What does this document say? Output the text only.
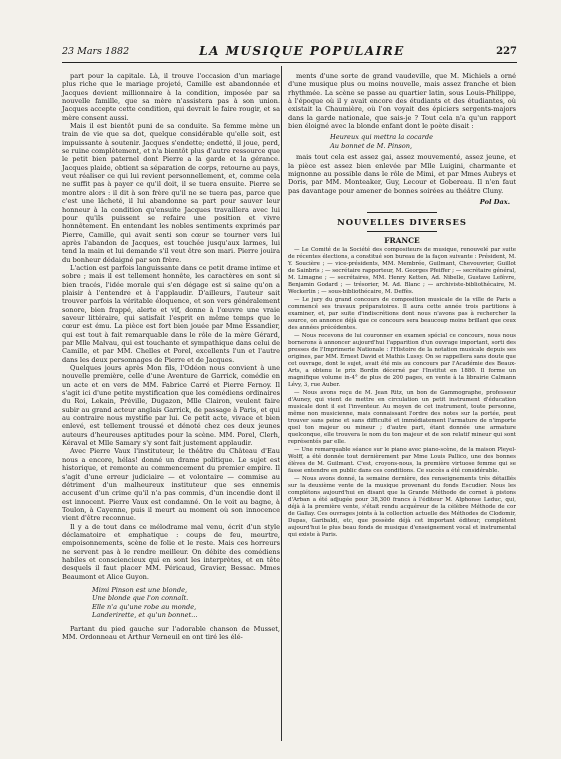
23 Mars 1882	LA MUSIQUE POPULAIRE	227

part pour la capitale. Là, il trouve l'occasion d'un mariage plus riche que le mariage projeté, Camille est abandonnée et Jacques devient millionnaire à la condition, imposée par sa nouvelle famille, que sa mère n'assistera pas à son union. Jacques accepte cette condition, qui devrait le faire rougir, et sa mère consent aussi.

Mais il est bientôt puni de sa conduite. Sa femme mène un train de vie que sa dot, quelque considérable qu'elle soit, est impuissante à soutenir. Jacques s'endette; endetté, il joue, perd, se ruine complètement, et n'a bientôt plus d'autre ressource que le petit bien paternel dont Pierre a la garde et la gérance. Jacques plaide, obtient sa séparation de corps, retourne au pays, veut réaliser ce qui lui revient personnellement, et, comme cela ne suffit pas à payer ce qu'il doit, il se tuera ensuite. Pierre se montre alors : il dit à son frère qu'il ne se tuera pas, parce que c'est une lâcheté, il lui abandonne sa part pour sauver leur honneur à la condition qu'ensuite Jacques travaillera avec lui pour qu'ils puissent se refaire une position et vivre honnêtement. En entendant les nobles sentiments exprimés par Pierre, Camille, qui avait senti son cœur se tourner vers lui après l'abandon de Jacques, est touchée jusqu'aux larmes, lui tend la main et lui demande s'il veut être son mari. Pierre jouira du bonheur dédaigné par son frère.

L'action est parfois languissante dans ce petit drame intime et sobre ; mais il est tellement honnête, les caractères en sont si bien tracés, l'idée morale qui s'en dégage est si saine qu'on a plaisir à l'entendre et à l'applaudir. D'ailleurs, l'auteur sait trouver parfois la véritable éloquence, et son vers généralement sonore, bien frappé, alerte et vif, donne à l'œuvre une vraie saveur littéraire, qui satisfait l'esprit en même temps que le cœur est ému. La pièce est fort bien jouée par Mme Essandier, qui est tout à fait remarquable dans le rôle de la mère Gérard, par Mlle Malvau, qui est touchante et sympathique dans celui de Camille, et par MM. Chelles et Porel, excellents l'un et l'autre dans les deux personnages de Pierre et de Jacques.

Quelques jours après Mon fils, l'Odéon nous convient à une nouvelle première, celle d'une Aventure de Garrick, comédie en un acte et en vers de MM. Fabrice Carré et Pierre Fernoy. Il s'agit ici d'une petite mystification que les comédiens ordinaires du Roi, Lekain, Préville, Dugazon, Mlle Clairon, veulent faire subir au grand acteur anglais Garrick, de passage à Paris, et qui au contraire nous mystifie par lui. Ce petit acte, vivace et bien enlevé, est tellement troussé et dénoté chez ces deux jeunes auteurs d'heureuses aptitudes pour la scène. MM. Porel, Clerh, Kéraval et Mlle Samary s'y sont fait justement applaudir.

Avec Pierre Vaux l'instituteur, le théâtre du Château d'Eau nous a encore, hélas! donné un drame politique. Le sujet est historique, et remonte au commencement du premier empire. Il s'agit d'une erreur judiciaire — et volontaire — commise au détriment d'un malheureux instituteur que ses ennemis accusent d'un crime qu'il n'a pas commis, d'un incendie dont il est innocent. Pierre Vaux est condamné. On le voit au bagne, à Toulon, à Cayenne, puis il meurt au moment où son innocence vient d'être reconnue.

Il y a de tout dans ce mélodrame mal venu, écrit d'un style déclamatoire et emphatique : coups de feu, meurtre, empoisonnements, scène de folie et le reste. Mais ces horreurs ne servent pas à le rendre meilleur. On débite des comédiens habiles et consciencieux qui en sont les interprètes, et en tête desquels il faut placer MM. Péricaud, Gravier, Bessac. Mmes Beaumont et Alice Guyon.

Mimi Pinson est une blonde,
Une blonde que l'on connaît.
Elle n'a qu'une robe au monde,
Landerirette, et qu'un bonnet...

Partant du pied gauche sur l'adorable chanson de Musset, MM. Ordonneau et Arthur Verneuil en ont tiré les élé-

ments d'une sorte de grand vaudeville, que M. Michiels a orné d'une musique plus ou moins nouvelle, mais assez franche et bien rhythmée. La scène se passe au quartier latin, sous Louis-Philippe, à l'époque où il y avait encore des étudiants et des étudiantes, où existait la Chaumière, où l'on voyait des épiciers sergents-majors dans la garde nationale, que sais-je ? Tout cela n'a qu'un rapport bien éloigné avec la blonde enfant dont le poète disait :

Heureux qui mettra la cocarde
Au bonnet de M. Pinson,

mais tout cela est assez gai, assez mouvementé, assez jeune, et la pièce est assez bien enlevée par Mlle Luigini, charmante et mignonne au possible dans le rôle de Mimi, et par Mmes Aubrys et Doris, par MM. Monteaker, Guy, Lecour et Gobereau. Il n'en faut pas davantage pour amener de bonnes soirées au théâtre Cluny.

Pol Dax.
NOUVELLES DIVERSES
FRANCE

— Le Comité de la Société des compositeurs de musique, renouvelé par suite de récentes élections, a constitué son bureau de la façon suivante : Président, M. Y. Soucière ; — vice-présidents, MM. Membrée, Guilmant, Chevouvrier, Guillot de Sainbris ; — secrétaire rapporteur, M. Georges Pfeiffer ; — secrétaire général, M. Limagne ; — secrétaires, MM. Henry Ketten, Ad. Nibelle, Gustave Lefèvre, Benjamin Godard ; — trésorier, M. Ad. Blanc ; — archiviste-bibliothécaire, M. Weckerlin ; — sous-bibliothécaire, M. Deffès.

— Le jury du grand concours de composition musicale de la ville de Paris a commencé ses travaux préparatoires. Il aura cette année trois partitions à examiner, et, par suite d'indiscrétions dont nous n'avons pas à rechercher la source, on annonce déjà que ce concours sera beaucoup moins brillant que ceux des années précédentes.

— Nous recevons de lui couronner en examen spécial ce concours, nous nous bornerons à annoncer aujourd'hui l'apparition d'un ouvrage important, sorti des presses de l'Imprimerie Nationale : l'Histoire de la notation musicale depuis ses origines, par MM. Ernest David et Mathis Lussy. On se rappellera sans doute que cet ouvrage, dont le sujet, avait été mis au concours par l'Académie des Beaux-Arts, a obtenu le prix Bordin décerné par l'Institut en 1880. Il forme un magnifique volume in-4° de plus de 200 pages, en vente à la librairie Calmann Lévy, 3, rue Auber.

— Nous avons reçu de M. Jean Ritz, un bon de Gammographe, professeur d'Auney, qui vient de mettre en circulation un petit instrument d'éducation musicale dont il est l'inventeur. Au moyen de cet instrument, toute personne, même non musicienne, mais connaissant l'ordre des notes sur la portée, peut trouver sans peine et sans difficulté et immédiatement l'armature de n'importe quel ton majeur ou mineur ; d'autre part, étant donnée une armature quelconque, elle trouvera le nom du ton majeur et de son relatif mineur qui sont représentés par elle.

— Une remarquable séance sur le piano avec piano-scène, de la maison Pleyel-Wolff, a été donnée tout dernièrement par Mme Louis Pallico, une des bonnes élèves de M. Guilmant. C'est, croyons-nous, la première virtuose femme qui se fasse entendre en public dans ces conditions. Ce succès a été considérable.

— Nous avons donné, la semaine dernière, des renseignements très détaillés sur la deuxième vente de la musique provenant du fonds Escudier. Nous les complétons aujourd'hui en disant que la Grande Méthode de cornet à pistons d'Arban a été adjugée pour 38,300 francs à l'éditeur M. Alphonse Leduc, qui, déjà à la première vente, s'était rendu acquéreur de la célèbre Méthode de cor de Gallay. Ces ouvrages joints à la collection actuelle des Méthodes de Clodomir, Dupas, Garibaldi, etc, que possède déjà cet important éditeur, complètent aujourd'hui le plus beau fonds de musique d'enseignement vocal et instrumental qui existe à Paris.
